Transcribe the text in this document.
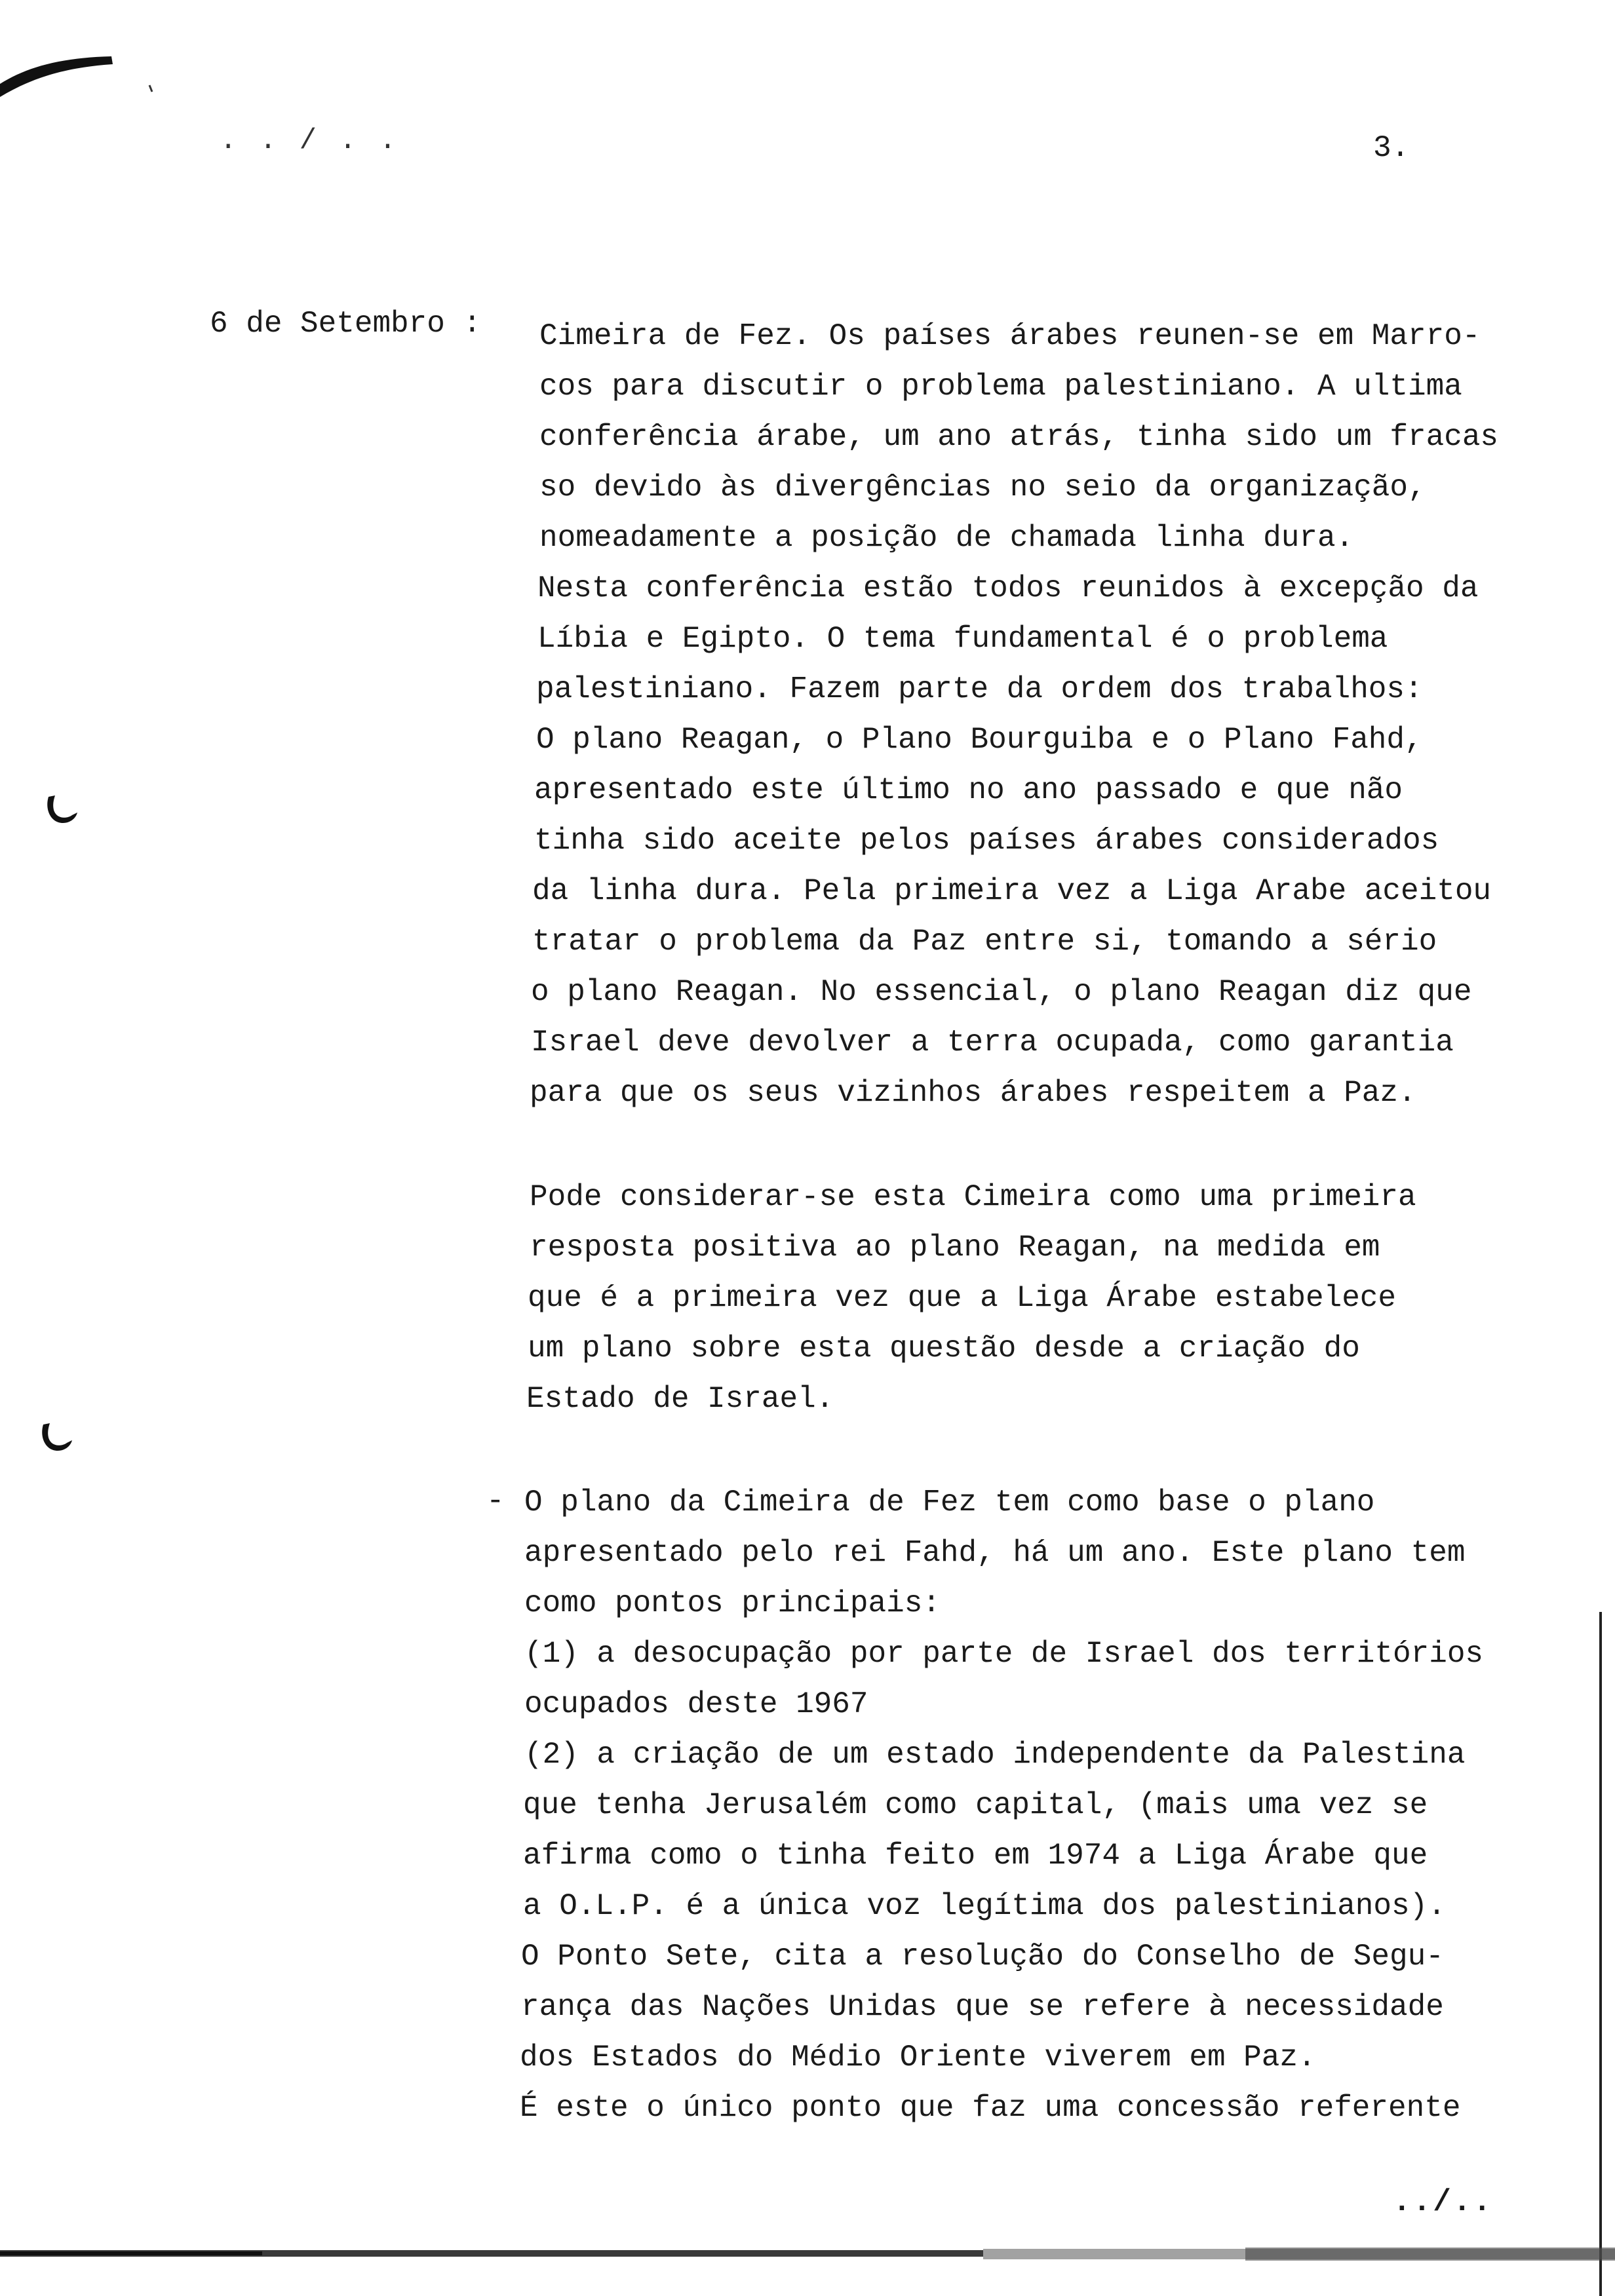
. . / . .	3.
6 de Setembro : Cimeira de Fez. Os países árabes reunen-se em Marro-
cos para discutir o problema palestiniano. A ultima
conferência árabe, um ano atrás, tinha sido um fracas
so devido às divergências no seio da organização,
nomeadamente a posição de chamada linha dura.
Nesta conferência estão todos reunidos à excepção da
Líbia e Egipto. O tema fundamental é o problema
palestiniano. Fazem parte da ordem dos trabalhos:
O plano Reagan, o Plano Bourguiba e o Plano Fahd,
apresentado este último no ano passado e que não
tinha sido aceite pelos países árabes considerados
da linha dura. Pela primeira vez a Liga Arabe aceitou
tratar o problema da Paz entre si, tomando a sério
o plano Reagan. No essencial, o plano Reagan diz que
Israel deve devolver a terra ocupada, como garantia
para que os seus vizinhos árabes respeitem a Paz.
Pode considerar-se esta Cimeira como uma primeira
resposta positiva ao plano Reagan, na medida em
que é a primeira vez que a Liga Árabe estabelece
um plano sobre esta questão desde a criação do
Estado de Israel.
- O plano da Cimeira de Fez tem como base o plano
apresentado pelo rei Fahd, há um ano. Este plano tem
como pontos principais:
(1) a desocupação por parte de Israel dos territórios
ocupados deste 1967
(2) a criação de um estado independente da Palestina
que tenha Jerusalém como capital, (mais uma vez se
afirma como o tinha feito em 1974 a Liga Árabe que
a O.L.P. é a única voz legítima dos palestinianos).
O Ponto Sete, cita a resolução do Conselho de Segu-
rança das Nações Unidas que se refere à necessidade
dos Estados do Médio Oriente viverem em Paz.
É este o único ponto que faz uma concessão referente
../..
